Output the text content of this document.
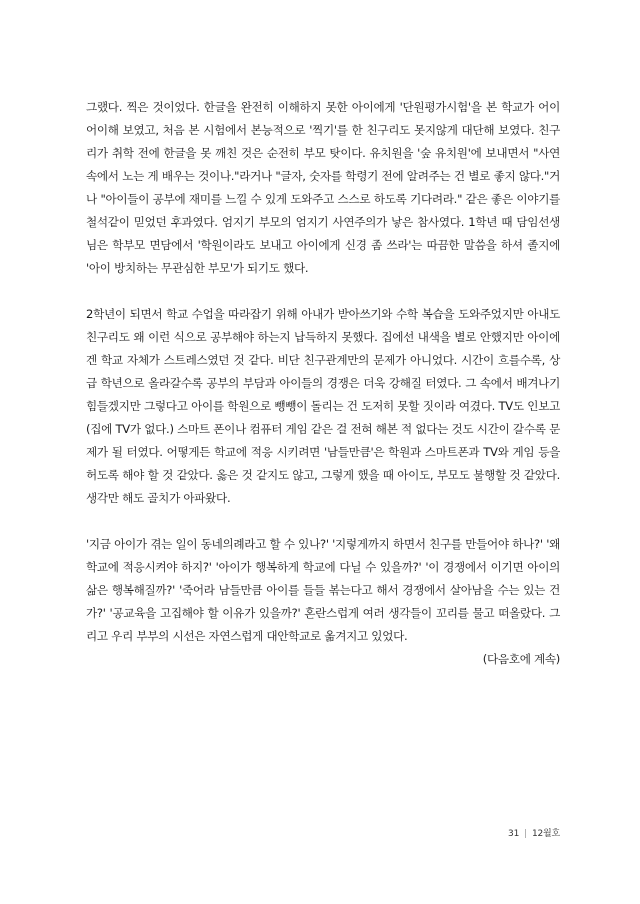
그랬다. 찍은 것이었다. 한글을 완전히 이해하지 못한 아이에게 '단원평가시험'을 본 학교가 어이어이해 보였고, 처음 본 시험에서 본능적으로 '찍기'를 한 친구리도 못지않게 대단해 보였다. 친구리가 취학 전에 한글을 못 깨친 것은 순전히 부모 탓이다. 유치원을 '숲 유치원'에 보내면서 "사연 속에서 노는 게 배우는 것이나."라거나 "글자, 숫자를 학령기 전에 알려주는 건 별로 좋지 않다."거나 "아이들이 공부에 재미를 느낄 수 있게 도와주고 스스로 하도록 기다려라." 같은 좋은 이야기를 철석같이 믿었던 후과였다. 엄지기 부모의 엄지기 사연주의가 낳은 참사였다. 1학년 때 담임선생님은 학부모 면담에서 '학원이라도 보내고 아이에게 신경 좀 쓰라'는 따끔한 말씀을 하셔 졸지에 '아이 방치하는 무관심한 부모'가 되기도 했다.

2학년이 되면서 학교 수업을 따라잡기 위해 아내가 받아쓰기와 수학 복습을 도와주었지만 아내도 친구리도 왜 이런 식으로 공부해야 하는지 납득하지 못했다. 집에선 내색을 별로 안했지만 아이에겐 학교 자체가 스트레스였던 것 같다. 비단 친구관계만의 문제가 아니었다. 시간이 흐를수록, 상급 학년으로 올라갈수록 공부의 부담과 아이들의 경쟁은 더욱 강해질 터였다. 그 속에서 배겨나기 힘들겠지만 그렇다고 아이를 학원으로 뺑뺑이 돌리는 건 도저히 못할 짓이라 여겼다. TV도 인보고(집에 TV가 없다.) 스마트 폰이나 컴퓨터 게임 같은 걸 전혀 해본 적 없다는 것도 시간이 갈수록 문제가 될 터였다. 어떻게든 학교에 적응 시키려면 '남들만큼'은 학원과 스마트폰과 TV와 게임 등을 허도록 해야 할 것 같았다. 옳은 것 같지도 않고, 그렇게 했을 때 아이도, 부모도 불행할 것 같았다. 생각만 해도 골치가 아파왔다.

'지금 아이가 겪는 일이 동네의례라고 할 수 있나?' '지렇게까지 하면서 친구를 만들어야 하나?' '왜 학교에 적응시켜야 하지?' '아이가 행복하게 학교에 다닐 수 있을까?' '이 경쟁에서 이기면 아이의 삶은 행복해질까?' '죽어라 남들만큼 아이를 들들 볶는다고 해서 경쟁에서 살아남을 수는 있는 건가?' '공교육을 고집해야 할 이유가 있을까?' 혼란스럽게 여러 생각들이 꼬리를 물고 떠올랐다. 그리고 우리 부부의 시선은 자연스럽게 대안학교로 옮겨지고 있었다.

(다음호에 계속)

31 | 12월호
